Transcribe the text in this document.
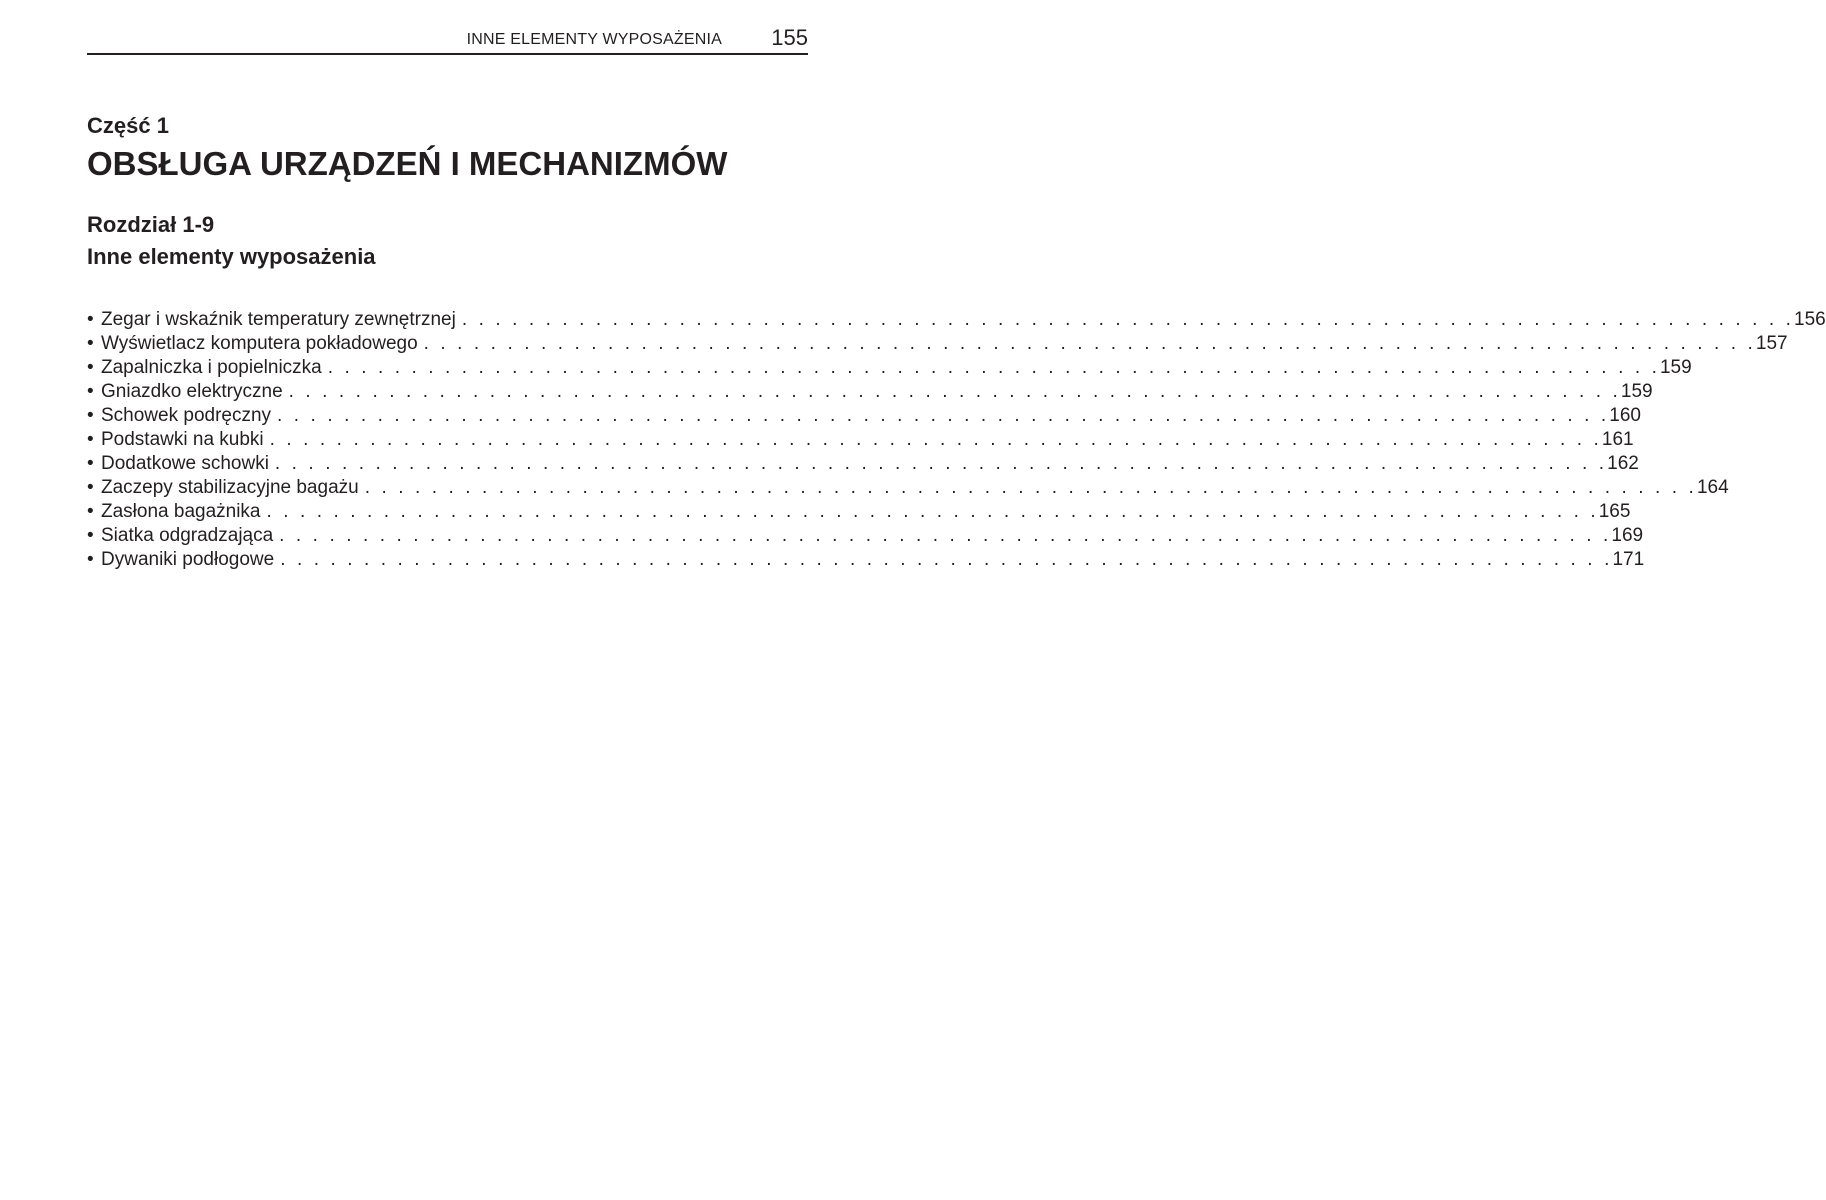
INNE ELEMENTY WYPOSAŻENIA 155
Część 1
OBSŁUGA URZĄDZEŃ I MECHANIZMÓW
Rozdział 1-9
Inne elementy wyposażenia
• Zegar i wskaźnik temperatury zewnętrznej . . . . . . . . . . . . . . . . . . . . . . . . . . . . . . . . . . . . . . . . . . . . . . . . . . . . . . . . . . . . . . . . . . . . . . . . . . . . . . . . 156
• Wyświetlacz komputera pokładowego . . . . . . . . . . . . . . . . . . . . . . . . . . . . . . . . . . . . . . . . . . . . . . . . . . . . . . . . . . . . . . . . . . . . . . . . . . . . . . . . 157
• Zapalniczka i popielniczka . . . . . . . . . . . . . . . . . . . . . . . . . . . . . . . . . . . . . . . . . . . . . . . . . . . . . . . . . . . . . . . . . . . . . . . . . . . . . . . . 159
• Gniazdko elektryczne . . . . . . . . . . . . . . . . . . . . . . . . . . . . . . . . . . . . . . . . . . . . . . . . . . . . . . . . . . . . . . . . . . . . . . . . . . . . . . . . 159
• Schowek podręczny . . . . . . . . . . . . . . . . . . . . . . . . . . . . . . . . . . . . . . . . . . . . . . . . . . . . . . . . . . . . . . . . . . . . . . . . . . . . . . . . 160
• Podstawki na kubki . . . . . . . . . . . . . . . . . . . . . . . . . . . . . . . . . . . . . . . . . . . . . . . . . . . . . . . . . . . . . . . . . . . . . . . . . . . . . . . . 161
• Dodatkowe schowki . . . . . . . . . . . . . . . . . . . . . . . . . . . . . . . . . . . . . . . . . . . . . . . . . . . . . . . . . . . . . . . . . . . . . . . . . . . . . . . . 162
• Zaczepy stabilizacyjne bagażu . . . . . . . . . . . . . . . . . . . . . . . . . . . . . . . . . . . . . . . . . . . . . . . . . . . . . . . . . . . . . . . . . . . . . . . . . . . . . . . . 164
• Zasłona bagażnika . . . . . . . . . . . . . . . . . . . . . . . . . . . . . . . . . . . . . . . . . . . . . . . . . . . . . . . . . . . . . . . . . . . . . . . . . . . . . . . . 165
• Siatka odgradzająca . . . . . . . . . . . . . . . . . . . . . . . . . . . . . . . . . . . . . . . . . . . . . . . . . . . . . . . . . . . . . . . . . . . . . . . . . . . . . . . . 169
• Dywaniki podłogowe . . . . . . . . . . . . . . . . . . . . . . . . . . . . . . . . . . . . . . . . . . . . . . . . . . . . . . . . . . . . . . . . . . . . . . . . . . . . . . . . 171
